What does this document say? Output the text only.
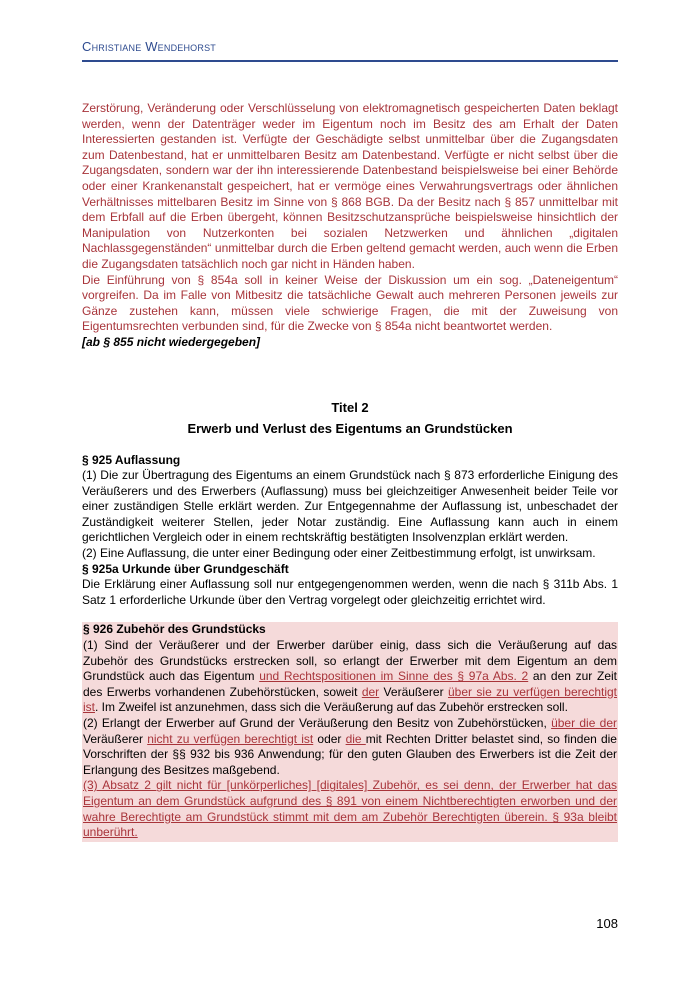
Christiane Wendehorst

Zerstörung, Veränderung oder Verschlüsselung von elektromagnetisch gespeicherten Daten beklagt werden, wenn der Datenträger weder im Eigentum noch im Besitz des am Erhalt der Daten Interessierten gestanden ist. Verfügte der Geschädigte selbst unmittelbar über die Zugangsdaten zum Datenbestand, hat er unmittelbaren Besitz am Datenbestand. Verfügte er nicht selbst über die Zugangsdaten, sondern war der ihn interessierende Datenbestand beispielsweise bei einer Behörde oder einer Krankenanstalt gespeichert, hat er vermöge eines Verwahrungsvertrags oder ähnlichen Verhältnisses mittelbaren Besitz im Sinne von § 868 BGB. Da der Besitz nach § 857 unmittelbar mit dem Erbfall auf die Erben übergeht, können Besitzschutzansprüche beispielsweise hinsichtlich der Manipulation von Nutzerkonten bei sozialen Netzwerken und ähnlichen „digitalen Nachlassgegenständen“ unmittelbar durch die Erben geltend gemacht werden, auch wenn die Erben die Zugangsdaten tatsächlich noch gar nicht in Händen haben.

Die Einführung von § 854a soll in keiner Weise der Diskussion um ein sog. „Dateneigentum“ vorgreifen. Da im Falle von Mitbesitz die tatsächliche Gewalt auch mehreren Personen jeweils zur Gänze zustehen kann, müssen viele schwierige Fragen, die mit der Zuweisung von Eigentumsrechten verbunden sind, für die Zwecke von § 854a nicht beantwortet werden.

[ab § 855 nicht wiedergegeben]

Titel 2
Erwerb und Verlust des Eigentums an Grundstücken

§ 925 Auflassung

(1) Die zur Übertragung des Eigentums an einem Grundstück nach § 873 erforderliche Einigung des Veräußerers und des Erwerbers (Auflassung) muss bei gleichzeitiger Anwesenheit beider Teile vor einer zuständigen Stelle erklärt werden. Zur Entgegennahme der Auflassung ist, unbeschadet der Zuständigkeit weiterer Stellen, jeder Notar zuständig. Eine Auflassung kann auch in einem gerichtlichen Vergleich oder in einem rechtskräftig bestätigten Insolvenzplan erklärt werden.

(2) Eine Auflassung, die unter einer Bedingung oder einer Zeitbestimmung erfolgt, ist unwirksam.

§ 925a Urkunde über Grundgeschäft

Die Erklärung einer Auflassung soll nur entgegengenommen werden, wenn die nach § 311b Abs. 1 Satz 1 erforderliche Urkunde über den Vertrag vorgelegt oder gleichzeitig errichtet wird.

§ 926 Zubehör des Grundstücks

(1) Sind der Veräußerer und der Erwerber darüber einig, dass sich die Veräußerung auf das Zubehör des Grundstücks erstrecken soll, so erlangt der Erwerber mit dem Eigentum an dem Grundstück auch das Eigentum und Rechtspositionen im Sinne des § 97a Abs. 2 an den zur Zeit des Erwerbs vorhandenen Zubehörstücken, soweit der Veräußerer über sie zu verfügen berechtigt ist. Im Zweifel ist anzunehmen, dass sich die Veräußerung auf das Zubehör erstrecken soll.

(2) Erlangt der Erwerber auf Grund der Veräußerung den Besitz von Zubehörstücken, über die der Veräußerer nicht zu verfügen berechtigt ist oder die mit Rechten Dritter belastet sind, so finden die Vorschriften der §§ 932 bis 936 Anwendung; für den guten Glauben des Erwerbers ist die Zeit der Erlangung des Besitzes maßgebend.

(3) Absatz 2 gilt nicht für [unkörperliches] [digitales] Zubehör, es sei denn, der Erwerber hat das Eigentum an dem Grundstück aufgrund des § 891 von einem Nichtberechtigten erworben und der wahre Berechtigte am Grundstück stimmt mit dem am Zubehör Berechtigten überein. § 93a bleibt unberührt.

108
